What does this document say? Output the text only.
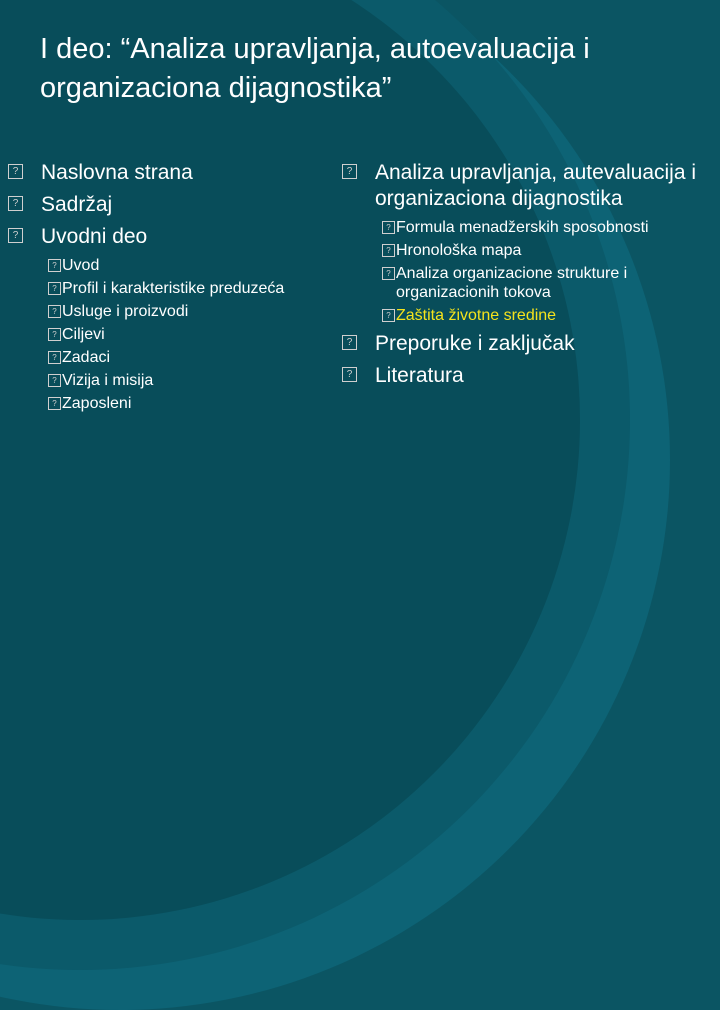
I deo: “Analiza upravljanja, autoevaluacija i organizaciona dijagnostika”
? Naslovna strana
? Sadržaj
? Uvodni deo
? Uvod
? Profil i karakteristike preduzeća
? Usluge i proizvodi
? Ciljevi
? Zadaci
? Vizija i misija
? Zaposleni
? Analiza upravljanja, autevaluacija i organizaciona dijagnostika
? Formula menadžerskih sposobnosti
? Hronološka mapa
? Analiza organizacione strukture i organizacionih tokova
? Zaštita životne sredine
? Preporuke i zaključak
? Literatura
